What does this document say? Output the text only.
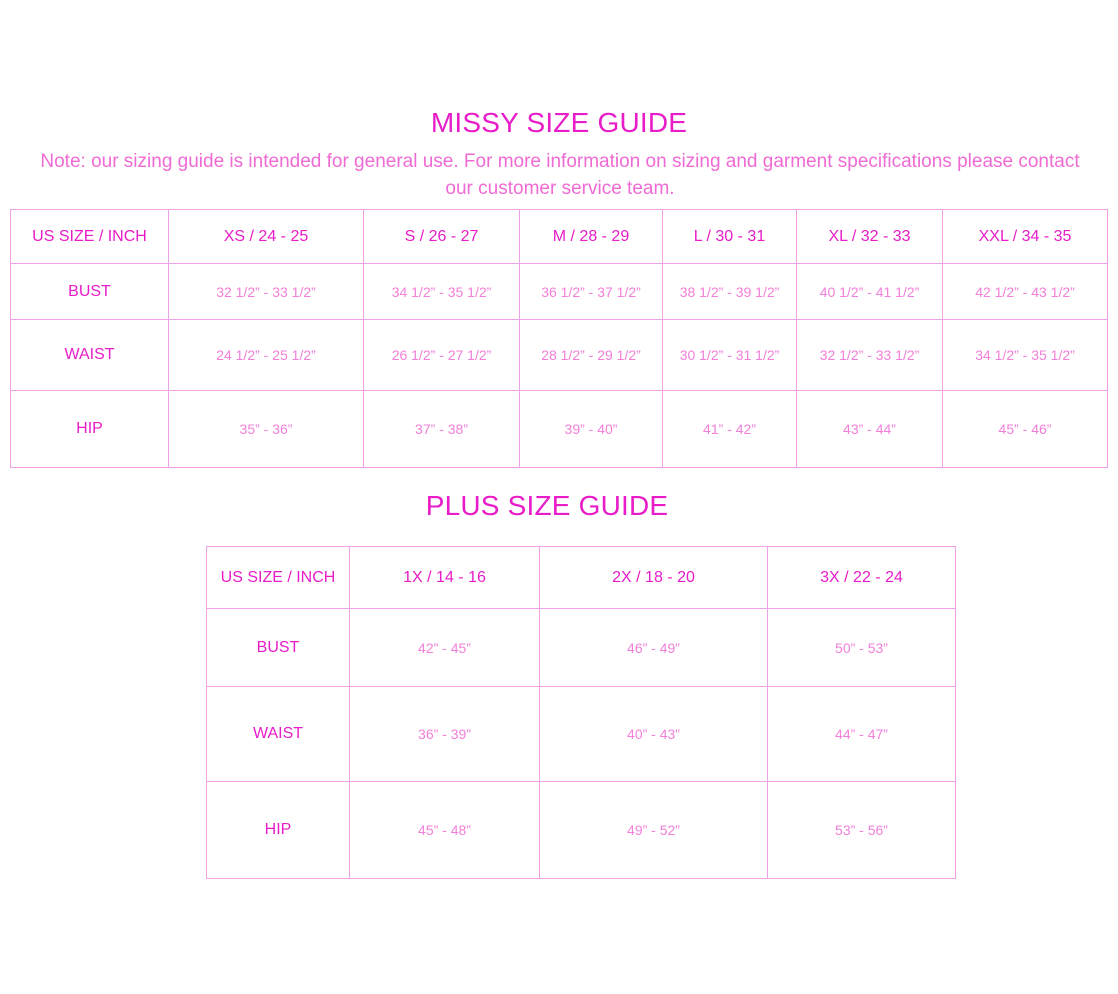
MISSY SIZE GUIDE
Note: our sizing guide is intended for general use. For more information on sizing and garment specifications please contact our customer service team.
US SIZE / INCH	XS / 24 - 25	S / 26 - 27	M / 28 - 29	L / 30 - 31	XL / 32 - 33	XXL / 34 - 35
BUST	32 1/2” - 33 1/2”	34 1/2” - 35 1/2”	36 1/2” - 37 1/2”	38 1/2” - 39 1/2”	40 1/2” - 41 1/2”	42 1/2” - 43 1/2”
WAIST	24 1/2” - 25 1/2”	26 1/2” - 27 1/2”	28 1/2” - 29 1/2”	30 1/2” - 31 1/2”	32 1/2” - 33 1/2”	34 1/2” - 35 1/2”
HIP	35” - 36”	37” - 38”	39” - 40”	41” - 42”	43” - 44”	45” - 46”
PLUS SIZE GUIDE
US SIZE / INCH	1X / 14 - 16	2X / 18 - 20	3X / 22 - 24
BUST	42” - 45”	46” - 49”	50” - 53”
WAIST	36” - 39”	40” - 43”	44” - 47”
HIP	45” - 48”	49” - 52”	53” - 56”
